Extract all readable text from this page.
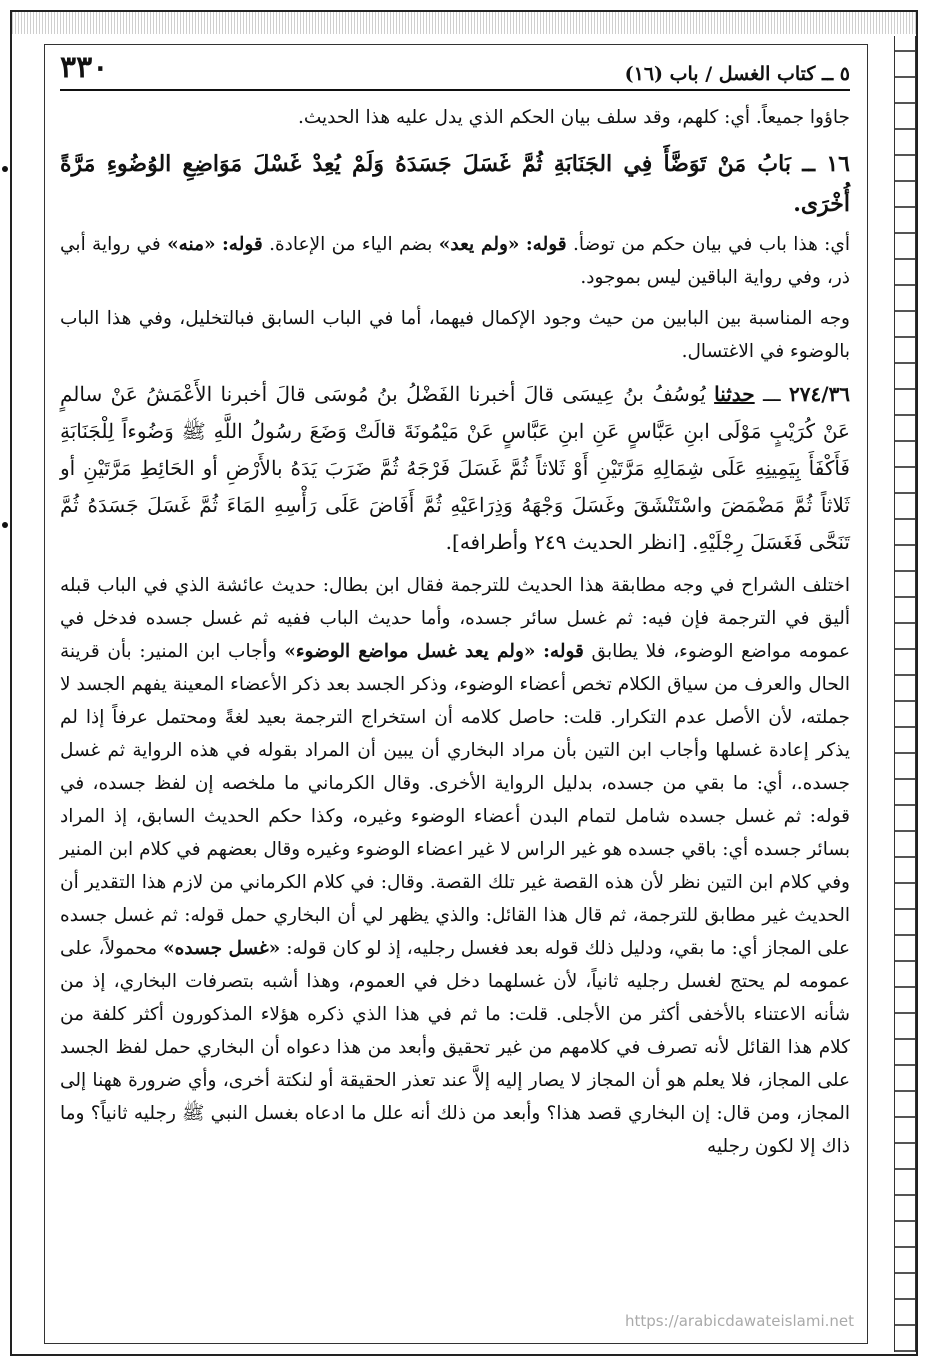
٥ ــ كتاب الغسل / باب (١٦)
٣٣٠

جاؤوا جميعاً. أي: كلهم، وقد سلف بيان الحكم الذي يدل عليه هذا الحديث.

١٦ ــ بَابُ مَنْ تَوَضَّأَ فِي الجَنَابَةِ ثُمَّ غَسَلَ جَسَدَهُ وَلَمْ يُعِدْ غَسْلَ مَوَاضِعِ الوُضُوءِ مَرَّةً أُخْرَى.

أي: هذا باب في بيان حكم من توضأ. قوله: «ولم يعد» بضم الياء من الإعادة. قوله: «منه» في رواية أبي ذر، وفي رواية الباقين ليس بموجود.

وجه المناسبة بين البابين من حيث وجود الإكمال فيهما، أما في الباب السابق فبالتخليل، وفي هذا الباب بالوضوء في الاغتسال.

٢٧٤/٣٦ ـــ حدثنا يُوسُفُ بنُ عِيسَى قالَ أخبرنا الفَضْلُ بنُ مُوسَى قالَ أخبرنا الأَعْمَشُ عَنْ سالمٍ عَنْ كُرَيْبٍ مَوْلَى ابنِ عَبَّاسٍ عَنِ ابنِ عَبَّاسٍ عَنْ مَيْمُونَةَ قالَتْ وَضَعَ رسُولُ اللَّهِ ﷺ وَضُوءاً لِلْجَنَابَةِ فَأَكْفَأَ بِيَمِينِهِ عَلَى شِمَالِهِ مَرَّتَيْنِ أَوْ ثَلاثاً ثُمَّ غَسَلَ فَرْجَهُ ثُمَّ ضَرَبَ يَدَهُ بالأَرْضِ أو الحَائِطِ مَرَّتَيْنِ أو ثَلاثاً ثُمَّ مَضْمَضَ واسْتَنْشَقَ وغَسَلَ وَجْهَهُ وَذِرَاعَيْهِ ثُمَّ أَفَاضَ عَلَى رَأْسِهِ المَاءَ ثُمَّ غَسَلَ جَسَدَهُ ثُمَّ تَنَحَّى فَغَسَلَ رِجْلَيْهِ. [انظر الحديث ٢٤٩ وأطرافه].

اختلف الشراح في وجه مطابقة هذا الحديث للترجمة فقال ابن بطال: حديث عائشة الذي في الباب قبله أليق في الترجمة فإن فيه: ثم غسل سائر جسده، وأما حديث الباب ففيه ثم غسل جسده فدخل في عمومه مواضع الوضوء، فلا يطابق قوله: «ولم يعد غسل مواضع الوضوء» وأجاب ابن المنير: بأن قرينة الحال والعرف من سياق الكلام تخص أعضاء الوضوء، وذكر الجسد بعد ذكر الأعضاء المعينة يفهم الجسد لا جملته، لأن الأصل عدم التكرار. قلت: حاصل كلامه أن استخراج الترجمة بعيد لغةً ومحتمل عرفاً إذا لم يذكر إعادة غسلها وأجاب ابن التين بأن مراد البخاري أن يبين أن المراد بقوله في هذه الرواية ثم غسل جسده.، أي: ما بقي من جسده، بدليل الرواية الأخرى. وقال الكرماني ما ملخصه إن لفظ جسده، في قوله: ثم غسل جسده شامل لتمام البدن أعضاء الوضوء وغيره، وكذا حكم الحديث السابق، إذ المراد بسائر جسده أي: باقي جسده هو غير الراس لا غير اعضاء الوضوء وغيره وقال بعضهم في كلام ابن المنير وفي كلام ابن التين نظر لأن هذه القصة غير تلك القصة. وقال: في كلام الكرماني من لازم هذا التقدير أن الحديث غير مطابق للترجمة، ثم قال هذا القائل: والذي يظهر لي أن البخاري حمل قوله: ثم غسل جسده على المجاز أي: ما بقي، ودليل ذلك قوله بعد فغسل رجليه، إذ لو كان قوله: «غسل جسده» محمولاً، على عمومه لم يحتج لغسل رجليه ثانياً، لأن غسلهما دخل في العموم، وهذا أشبه بتصرفات البخاري، إذ من شأنه الاعتناء بالأخفى أكثر من الأجلى. قلت: ما ثم في هذا الذي ذكره هؤلاء المذكورون أكثر كلفة من كلام هذا القائل لأنه تصرف في كلامهم من غير تحقيق وأبعد من هذا دعواه أن البخاري حمل لفظ الجسد على المجاز، فلا يعلم هو أن المجاز لا يصار إليه إلاَّ عند تعذر الحقيقة أو لنكتة أخرى، وأي ضرورة ههنا إلى المجاز، ومن قال: إن البخاري قصد هذا؟ وأبعد من ذلك أنه علل ما ادعاه بغسل النبي ﷺ رجليه ثانياً؟ وما ذاك إلا لكون رجليه

https://arabicdawateislami.net
